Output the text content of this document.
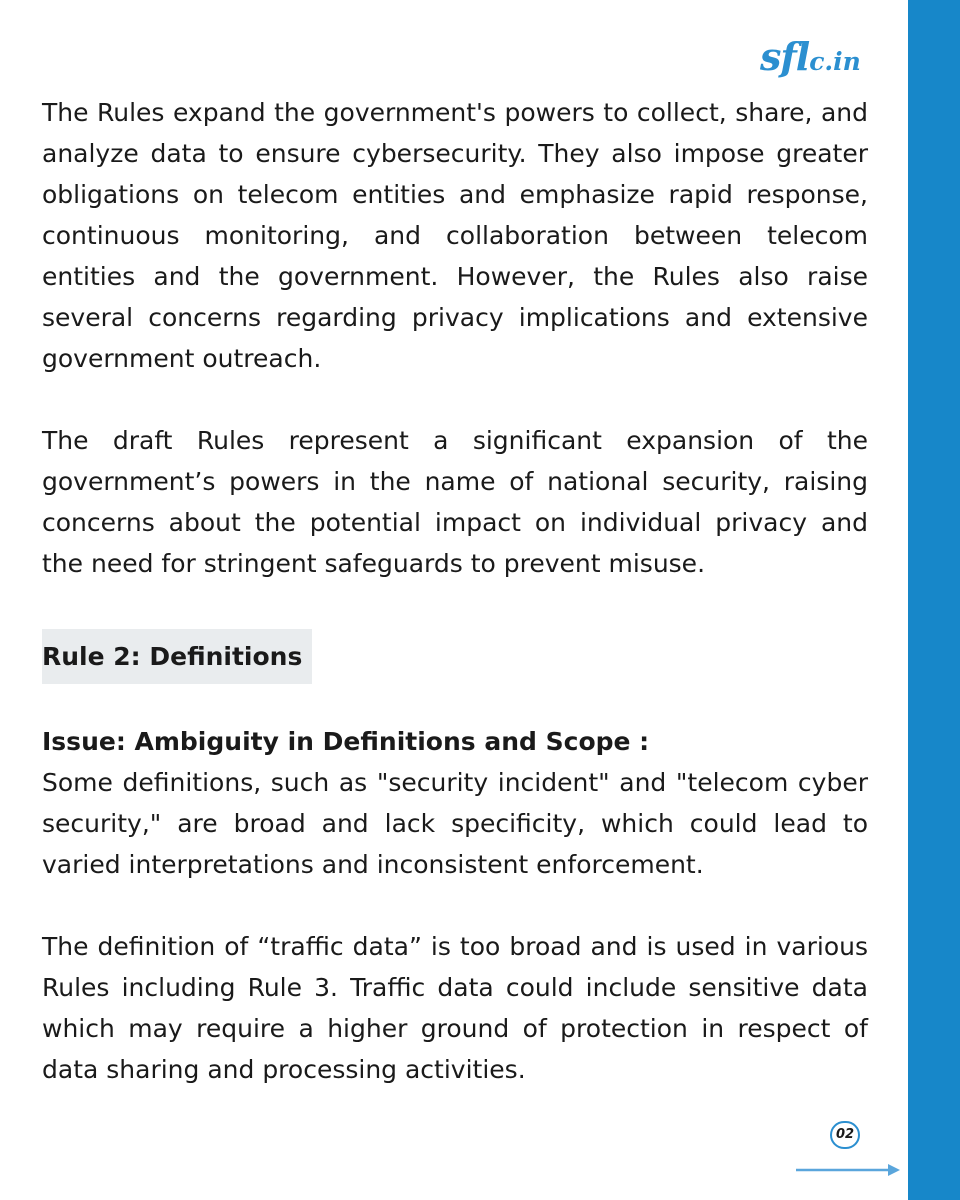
sflc.in

The Rules expand the government's powers to collect, share, and analyze data to ensure cybersecurity. They also impose greater obligations on telecom entities and emphasize rapid response, continuous monitoring, and collaboration between telecom entities and the government. However, the Rules also raise several concerns regarding privacy implications and extensive government outreach.

The draft Rules represent a significant expansion of the government’s powers in the name of national security, raising concerns about the potential impact on individual privacy and the need for stringent safeguards to prevent misuse.

Rule 2: Definitions

Issue: Ambiguity in Definitions and Scope :

Some definitions, such as "security incident" and "telecom cyber security," are broad and lack specificity, which could lead to varied interpretations and inconsistent enforcement.

The definition of “traffic data” is too broad and is used in various Rules including Rule 3. Traffic data could include sensitive data which may require a higher ground of protection in respect of data sharing and processing activities.

02
